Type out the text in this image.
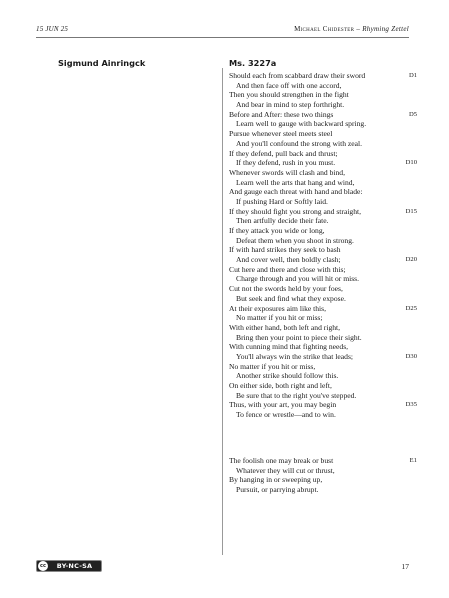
15 JUN 25	Michael Chidester – Rhyming Zettel
Sigmund Ainringck	Ms. 3227a
Should each from scabbard draw their sword	D1
And then face off with one accord,
Then you should strengthen in the fight
And bear in mind to step forthright.
Before and After: these two things	D5
Learn well to gauge with backward spring.
Pursue whenever steel meets steel
And you'll confound the strong with zeal.
If they defend, pull back and thrust;
If they defend, rush in you must.	D10
Whenever swords will clash and bind,
Learn well the arts that hang and wind,
And gauge each threat with hand and blade:
If pushing Hard or Softly laid.
If they should fight you strong and straight,	D15
Then artfully decide their fate.
If they attack you wide or long,
Defeat them when you shoot in strong.
If with hard strikes they seek to bash
And cover well, then boldly clash;	D20
Cut here and there and close with this;
Charge through and you will hit or miss.
Cut not the swords held by your foes,
But seek and find what they expose.
At their exposures aim like this,	D25
No matter if you hit or miss;
With either hand, both left and right,
Bring then your point to piece their sight.
With cunning mind that fighting needs,
You'll always win the strike that leads;	D30
No matter if you hit or miss,
Another strike should follow this.
On either side, both right and left,
Be sure that to the right you've stepped.
Thus, with your art, you may begin	D35
To fence or wrestle—and to win.
The foolish one may break or bust	E1
Whatever they will cut or thrust,
By hanging in or sweeping up,
Pursuit, or parrying abrupt.
cc	BY-NC-SA	17
